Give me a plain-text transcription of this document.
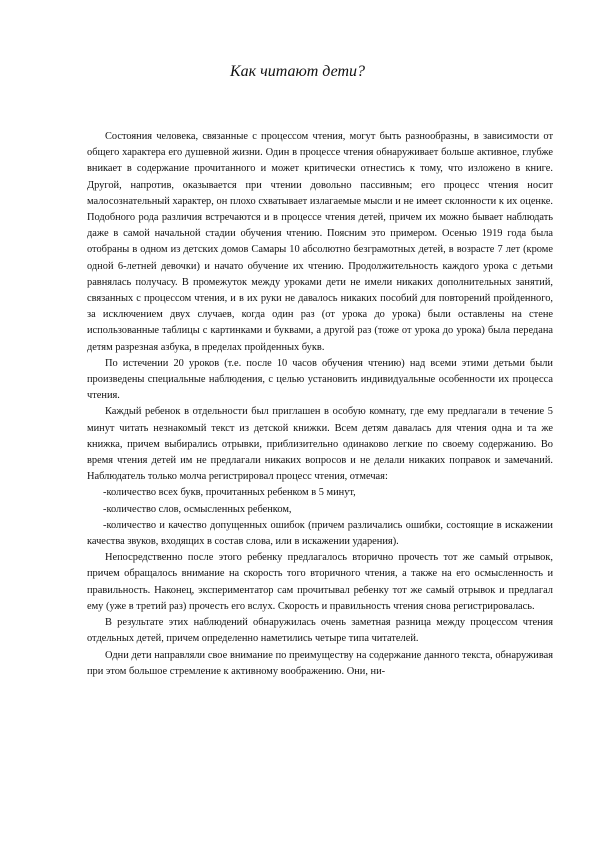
Как читают дети?

Состояния человека, связанные с процессом чтения, могут быть разнообразны, в зависимости от общего характера его душевной жизни. Один в процессе чтения обнаруживает больше активное, глубже вникает в содержание прочитанного и может критически отнестись к тому, что изложено в книге. Другой, напротив, оказывается при чтении довольно пассивным; его процесс чтения носит малосознательный характер, он плохо схватывает излагаемые мысли и не имеет склонности к их оценке. Подобного рода различия встречаются и в процессе чтения детей, причем их можно бывает наблюдать даже в самой начальной стадии обучения чтению. Поясним это примером. Осенью 1919 года была отобраны в одном из детских домов Самары 10 абсолютно безграмотных детей, в возрасте 7 лет (кроме одной 6-летней девочки) и начато обучение их чтению. Продолжительность каждого урока с детьми равнялась получасу. В промежуток между уроками дети не имели никаких дополнительных занятий, связанных с процессом чтения, и в их руки не давалось никаких пособий для повторений пройденного, за исключением двух случаев, когда один раз (от урока до урока) были оставлены на стене использованные таблицы с картинками и буквами, а другой раз (тоже от урока до урока) была передана детям разрезная азбука, в пределах пройденных букв.

По истечении 20 уроков (т.е. после 10 часов обучения чтению) над всеми этими детьми были произведены специальные наблюдения, с целью установить индивидуальные особенности их процесса чтения.

Каждый ребенок в отдельности был приглашен в особую комнату, где ему предлагали в течение 5 минут читать незнакомый текст из детской книжки. Всем детям давалась для чтения одна и та же книжка, причем выбирались отрывки, приблизительно одинаково легкие по своему содержанию. Во время чтения детей им не предлагали никаких вопросов и не делали никаких поправок и замечаний. Наблюдатель только молча регистрировал процесс чтения, отмечая:

-количество всех букв, прочитанных ребенком в 5 минут,

-количество слов, осмысленных ребенком,

-количество и качество допущенных ошибок (причем различались ошибки, состоящие в искажении качества звуков, входящих в состав слова, или в искажении ударения).

Непосредственно после этого ребенку предлагалось вторично прочесть тот же самый отрывок, причем обращалось внимание на скорость того вторичного чтения, а также на его осмысленность и правильность. Наконец, экспериментатор сам прочитывал ребенку тот же самый отрывок и предлагал ему (уже в третий раз) прочесть его вслух. Скорость и правильность чтения снова регистрировалась.

В результате этих наблюдений обнаружилась очень заметная разница между процессом чтения отдельных детей, причем определенно наметились четыре типа читателей.

Одни дети направляли свое внимание по преимуществу на содержание данного текста, обнаруживая при этом большое стремление к активному воображению. Они, ни-
